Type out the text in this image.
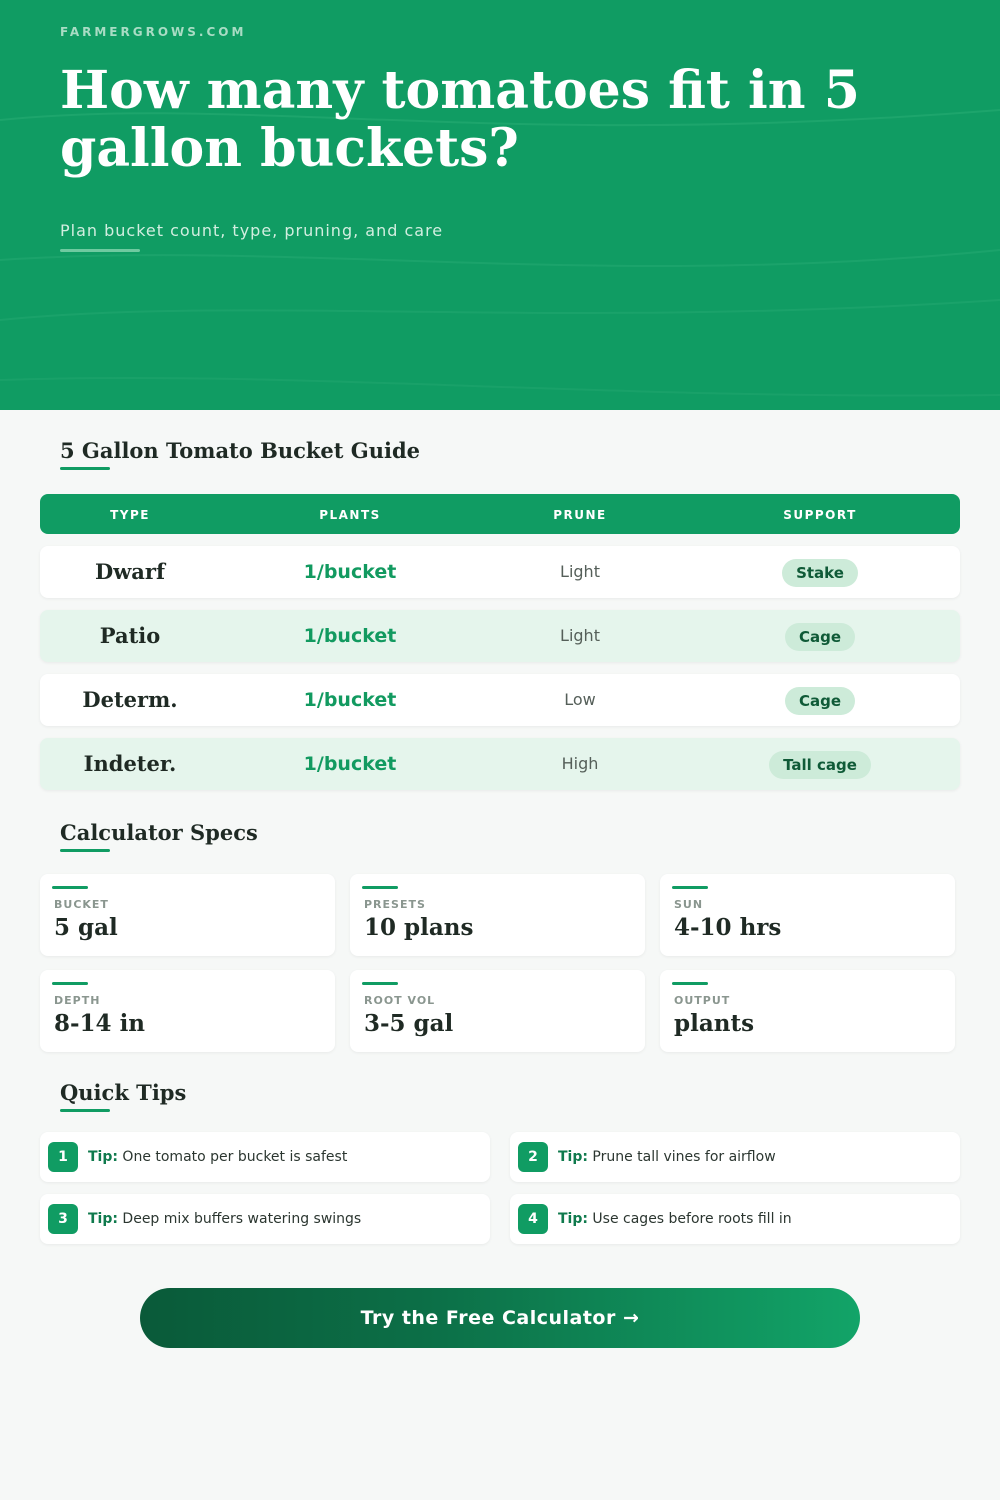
FARMERGROWS.COM
How many tomatoes fit in 5 gallon buckets?
Plan bucket count, type, pruning, and care
5 Gallon Tomato Bucket Guide
TYPE	PLANTS	PRUNE	SUPPORT
Dwarf	1/bucket	Light	Stake
Patio	1/bucket	Light	Cage
Determ.	1/bucket	Low	Cage
Indeter.	1/bucket	High	Tall cage
Calculator Specs
BUCKET
5 gal
PRESETS
10 plans
SUN
4-10 hrs
DEPTH
8-14 in
ROOT VOL
3-5 gal
OUTPUT
plants
Quick Tips
1	Tip: One tomato per bucket is safest	2	Tip: Prune tall vines for airflow
3	Tip: Deep mix buffers watering swings	4	Tip: Use cages before roots fill in
Try the Free Calculator →
